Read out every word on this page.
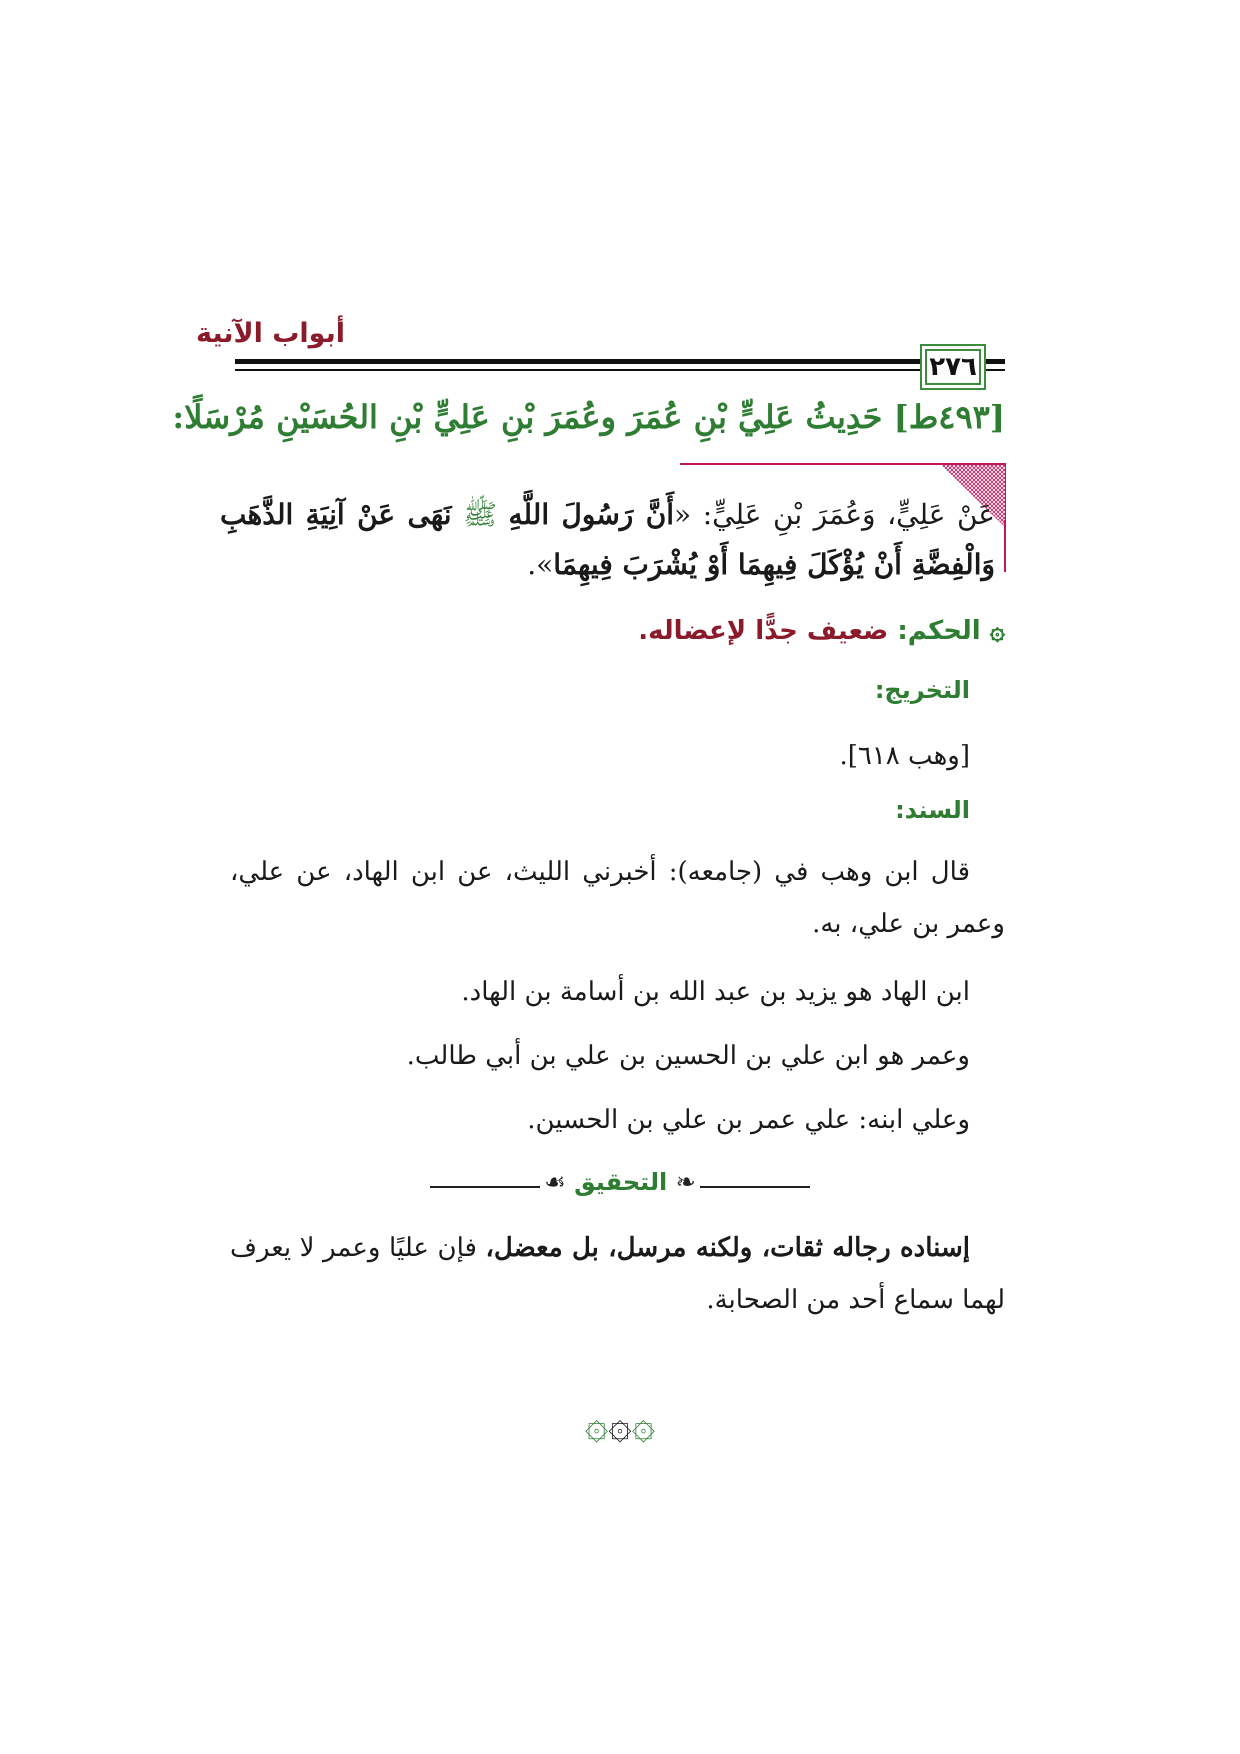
أبواب الآنية
٢٧٦
[٤٩٣ط] حَدِيثُ عَلِيٍّ بْنِ عُمَرَ وعُمَرَ بْنِ عَلِيٍّ بْنِ الحُسَيْنِ مُرْسَلًا:
عَنْ عَلِيٍّ، وَعُمَرَ بْنِ عَلِيٍّ: «أَنَّ رَسُولَ اللَّهِ ﷺ نَهَى عَنْ آنِيَةِ الذَّهَبِ وَالْفِضَّةِ أَنْ يُؤْكَلَ فِيهِمَا أَوْ يُشْرَبَ فِيهِمَا».
۞ الحكم: ضعيف جدًّا لإعضاله.
التخريج:
[وهب ٦١٨].
السند:
قال ابن وهب في (جامعه): أخبرني الليث، عن ابن الهاد، عن علي، وعمر بن علي، به.
ابن الهاد هو يزيد بن عبد الله بن أسامة بن الهاد.
وعمر هو ابن علي بن الحسين بن علي بن أبي طالب.
وعلي ابنه: علي عمر بن علي بن الحسين.
❧ التحقيق ☙
إسناده رجاله ثقات، ولكنه مرسل، بل معضل، فإن عليًا وعمر لا يعرف لهما سماع أحد من الصحابة.
۞۞۞
